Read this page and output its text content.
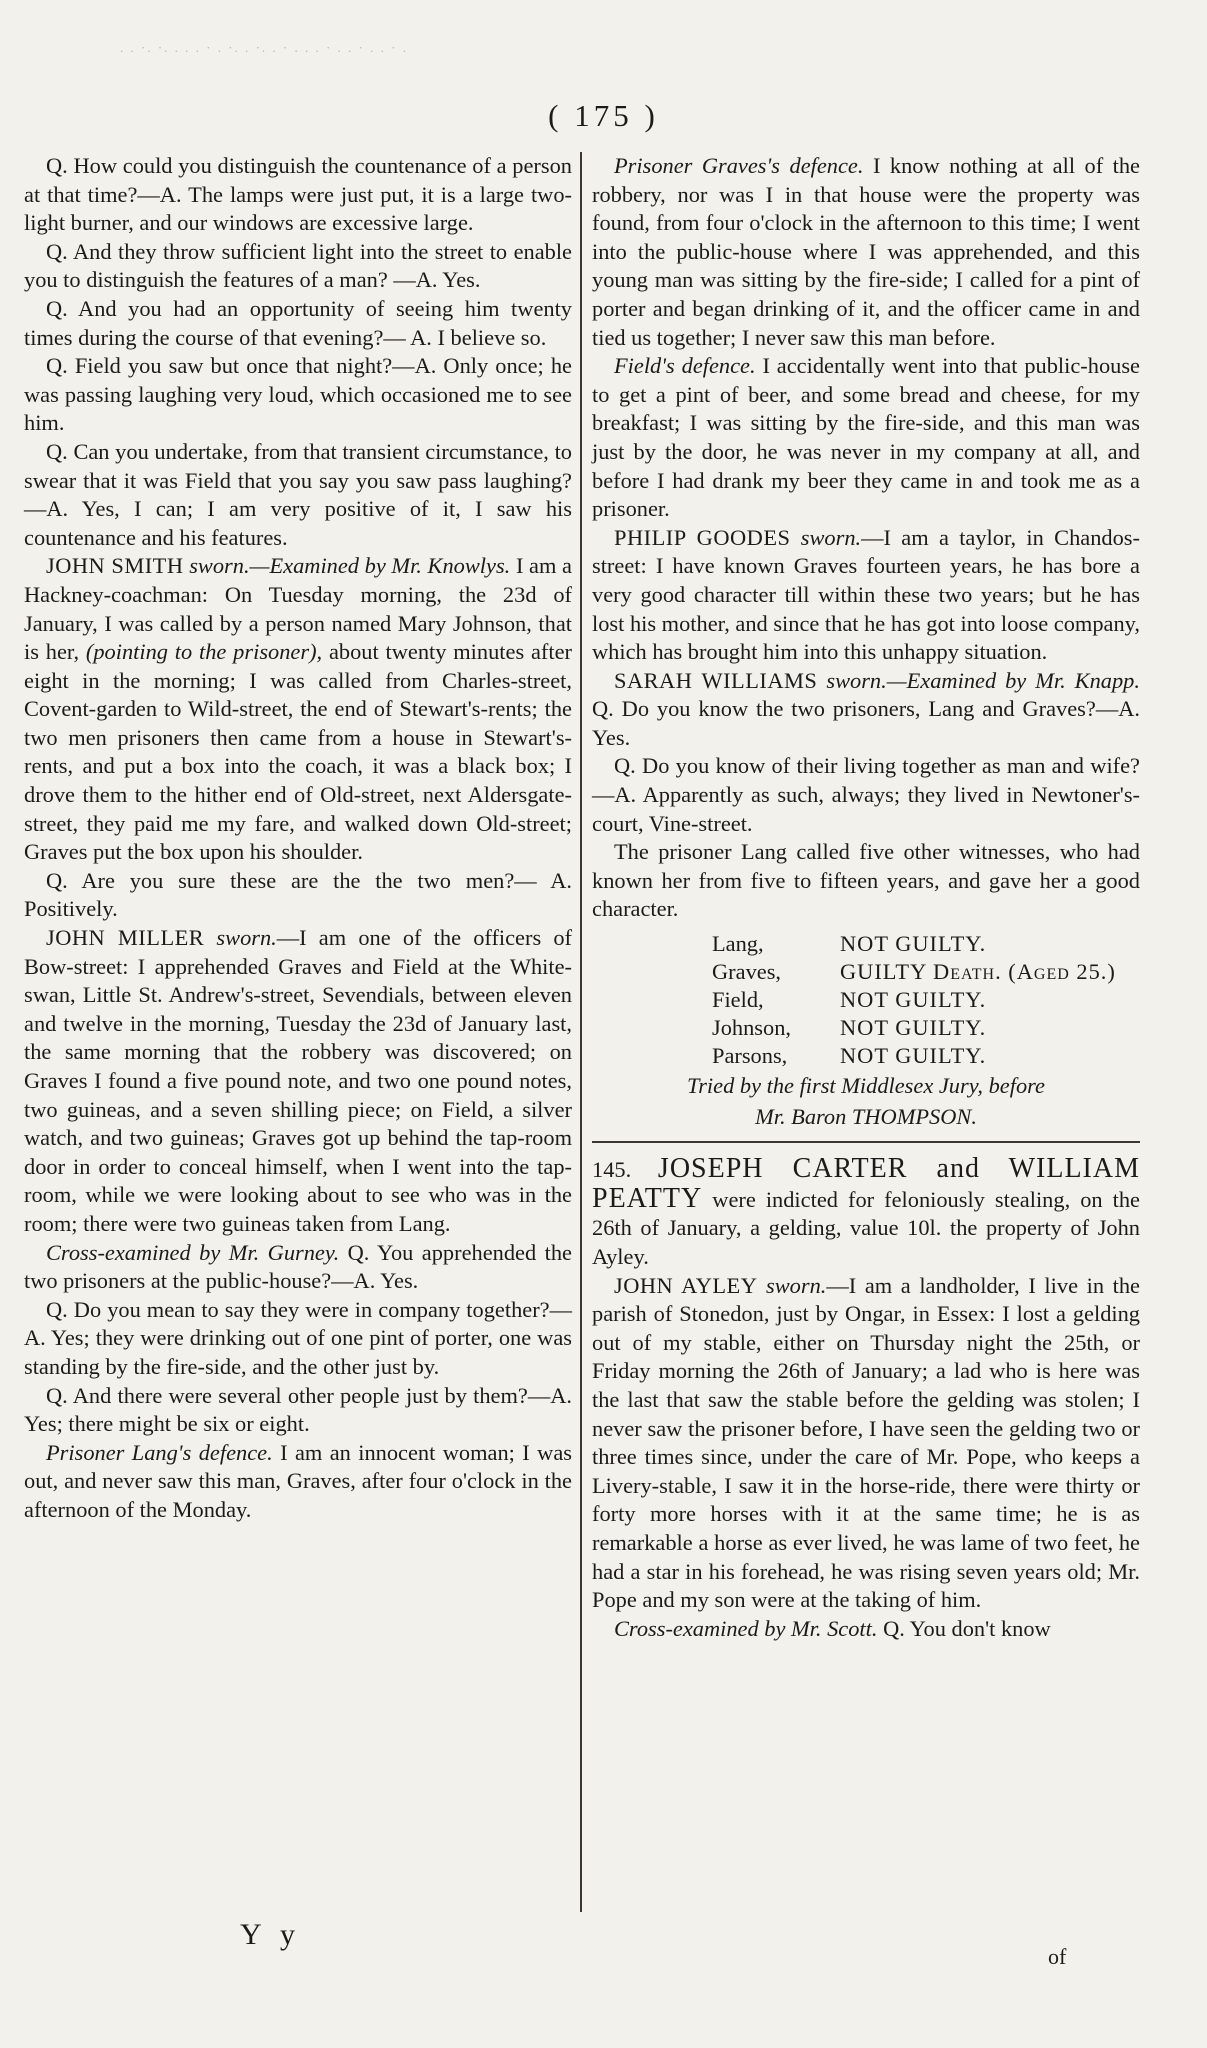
. . ·. ·. . . . · . ·. . ·. . · . . . · . . · . . · .
( 175 )

Q. How could you distinguish the countenance of a person at that time?—A. The lamps were just put, it is a large two-light burner, and our windows are excessive large.

Q. And they throw sufficient light into the street to enable you to distinguish the features of a man? —A. Yes.

Q. And you had an opportunity of seeing him twenty times during the course of that evening?— A. I believe so.

Q. Field you saw but once that night?—A. Only once; he was passing laughing very loud, which occasioned me to see him.

Q. Can you undertake, from that transient circumstance, to swear that it was Field that you say you saw pass laughing?—A. Yes, I can; I am very positive of it, I saw his countenance and his features.

JOHN SMITH sworn.—Examined by Mr. Knowlys. I am a Hackney-coachman: On Tuesday morning, the 23d of January, I was called by a person named Mary Johnson, that is her, (pointing to the prisoner), about twenty minutes after eight in the morning; I was called from Charles-street, Covent-garden to Wild-street, the end of Stewart's-rents; the two men prisoners then came from a house in Stewart's-rents, and put a box into the coach, it was a black box; I drove them to the hither end of Old-street, next Aldersgate-street, they paid me my fare, and walked down Old-street; Graves put the box upon his shoulder.

Q. Are you sure these are the the two men?— A. Positively.

JOHN MILLER sworn.—I am one of the officers of Bow-street: I apprehended Graves and Field at the White-swan, Little St. Andrew's-street, Sevendials, between eleven and twelve in the morning, Tuesday the 23d of January last, the same morning that the robbery was discovered; on Graves I found a five pound note, and two one pound notes, two guineas, and a seven shilling piece; on Field, a silver watch, and two guineas; Graves got up behind the tap-room door in order to conceal himself, when I went into the tap-room, while we were looking about to see who was in the room; there were two guineas taken from Lang.

Cross-examined by Mr. Gurney. Q. You apprehended the two prisoners at the public-house?—A. Yes.

Q. Do you mean to say they were in company together?—A. Yes; they were drinking out of one pint of porter, one was standing by the fire-side, and the other just by.

Q. And there were several other people just by them?—A. Yes; there might be six or eight.

Prisoner Lang's defence. I am an innocent woman; I was out, and never saw this man, Graves, after four o'clock in the afternoon of the Monday.

Prisoner Graves's defence. I know nothing at all of the robbery, nor was I in that house were the property was found, from four o'clock in the afternoon to this time; I went into the public-house where I was apprehended, and this young man was sitting by the fire-side; I called for a pint of porter and began drinking of it, and the officer came in and tied us together; I never saw this man before.

Field's defence. I accidentally went into that public-house to get a pint of beer, and some bread and cheese, for my breakfast; I was sitting by the fire-side, and this man was just by the door, he was never in my company at all, and before I had drank my beer they came in and took me as a prisoner.

PHILIP GOODES sworn.—I am a taylor, in Chandos-street: I have known Graves fourteen years, he has bore a very good character till within these two years; but he has lost his mother, and since that he has got into loose company, which has brought him into this unhappy situation.

SARAH WILLIAMS sworn.—Examined by Mr. Knapp. Q. Do you know the two prisoners, Lang and Graves?—A. Yes.

Q. Do you know of their living together as man and wife?—A. Apparently as such, always; they lived in Newtoner's-court, Vine-street.

The prisoner Lang called five other witnesses, who had known her from five to fifteen years, and gave her a good character.

Lang,	NOT GUILTY.
Graves,	GUILTY Death. (Aged 25.)
Field,	NOT GUILTY.
Johnson,	NOT GUILTY.
Parsons,	NOT GUILTY.
Tried by the first Middlesex Jury, before
Mr. Baron THOMPSON.

145. JOSEPH CARTER and WILLIAM PEATTY were indicted for feloniously stealing, on the 26th of January, a gelding, value 10l. the property of John Ayley.

JOHN AYLEY sworn.—I am a landholder, I live in the parish of Stonedon, just by Ongar, in Essex: I lost a gelding out of my stable, either on Thursday night the 25th, or Friday morning the 26th of January; a lad who is here was the last that saw the stable before the gelding was stolen; I never saw the prisoner before, I have seen the gelding two or three times since, under the care of Mr. Pope, who keeps a Livery-stable, I saw it in the horse-ride, there were thirty or forty more horses with it at the same time; he is as remarkable a horse as ever lived, he was lame of two feet, he had a star in his forehead, he was rising seven years old; Mr. Pope and my son were at the taking of him.

Cross-examined by Mr. Scott. Q. You don't know

Y y
of
